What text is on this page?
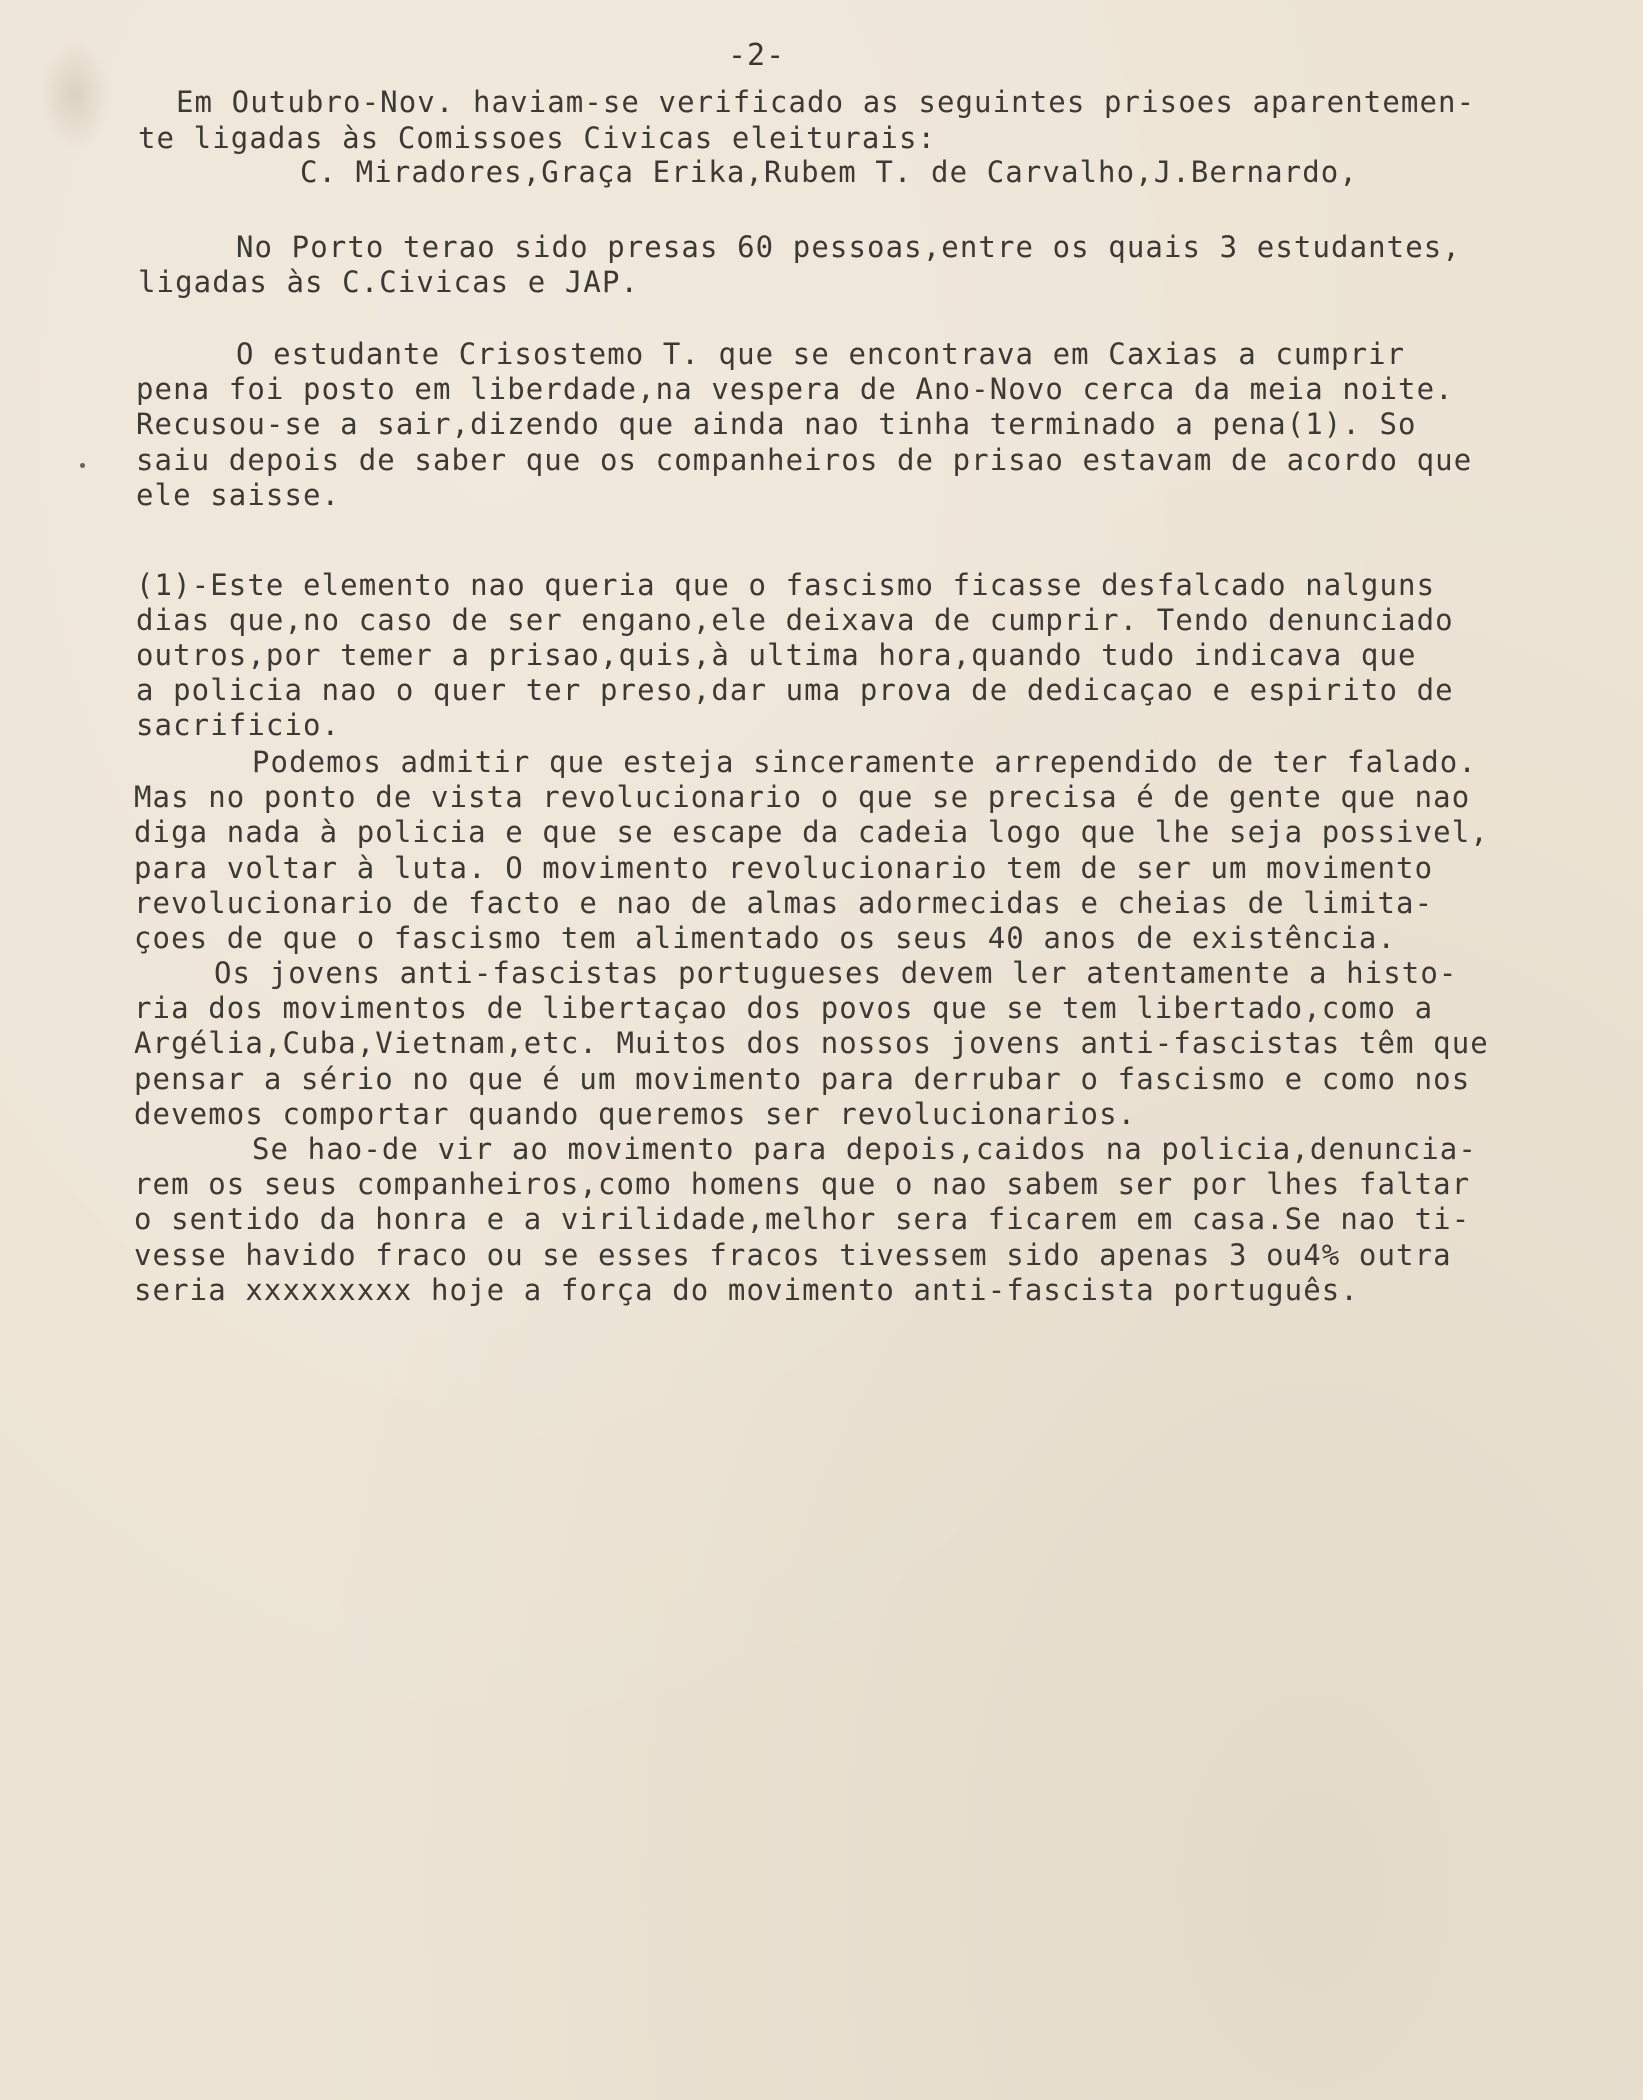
-2-
Em Outubro-Nov. haviam-se verificado as seguintes prisoes aparentemen-
te ligadas às Comissoes Civicas eleiturais:
C. Miradores,Graça Erika,Rubem T. de Carvalho,J.Bernardo,
No Porto terao sido presas 60 pessoas,entre os quais 3 estudantes,
ligadas às C.Civicas e JAP.
O estudante Crisostemo T. que se encontrava em Caxias a cumprir
pena foi posto em liberdade,na vespera de Ano-Novo cerca da meia noite.
Recusou-se a sair,dizendo que ainda nao tinha terminado a pena(1). So
saiu depois de saber que os companheiros de prisao estavam de acordo que
ele saisse.
(1)-Este elemento nao queria que o fascismo ficasse desfalcado nalguns
dias que,no caso de ser engano,ele deixava de cumprir. Tendo denunciado
outros,por temer a prisao,quis,à ultima hora,quando tudo indicava que
a policia nao o quer ter preso,dar uma prova de dedicaçao e espirito de
sacrificio.
Podemos admitir que esteja sinceramente arrependido de ter falado.
Mas no ponto de vista revolucionario o que se precisa é de gente que nao
diga nada à policia e que se escape da cadeia logo que lhe seja possivel,
para voltar à luta. O movimento revolucionario tem de ser um movimento
revolucionario de facto e nao de almas adormecidas e cheias de limita-
çoes de que o fascismo tem alimentado os seus 40 anos de existência.
Os jovens anti-fascistas portugueses devem ler atentamente a histo-
ria dos movimentos de libertaçao dos povos que se tem libertado,como a
Argélia,Cuba,Vietnam,etc. Muitos dos nossos jovens anti-fascistas têm que
pensar a sério no que é um movimento para derrubar o fascismo e como nos
devemos comportar quando queremos ser revolucionarios.
Se hao-de vir ao movimento para depois,caidos na policia,denuncia-
rem os seus companheiros,como homens que o nao sabem ser por lhes faltar
o sentido da honra e a virilidade,melhor sera ficarem em casa.Se nao ti-
vesse havido fraco ou se esses fracos tivessem sido apenas 3 ou4% outra
seria xxxxxxxxx hoje a força do movimento anti-fascista português.
